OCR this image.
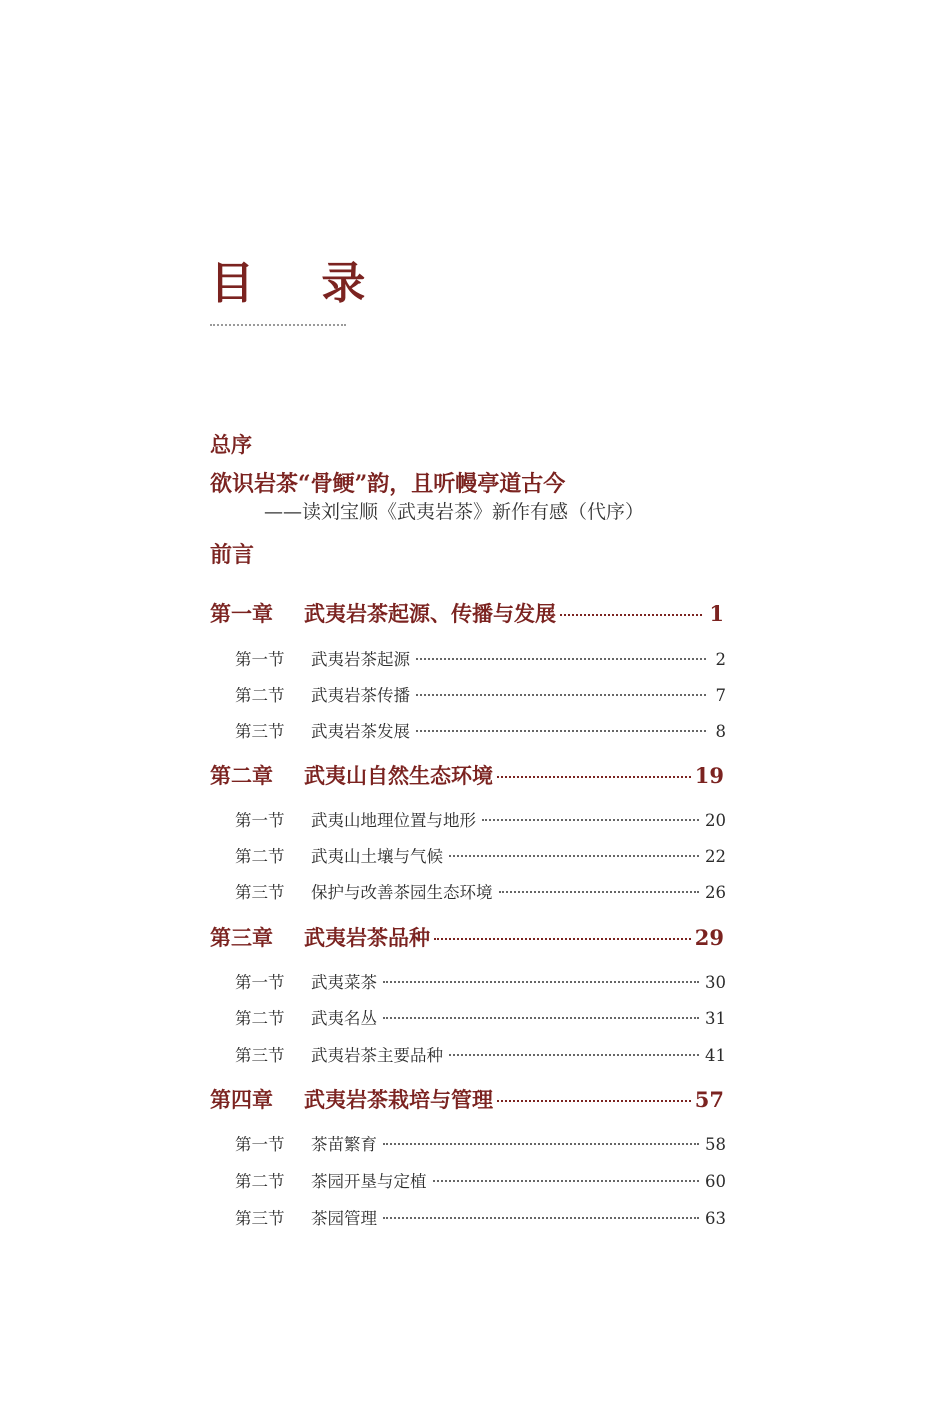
目 录
总序
欲识岩茶“骨鲠”韵，且听幔亭道古今
——读刘宝顺《武夷岩茶》新作有感（代序）
前言
第一章	武夷岩茶起源、传播与发展	1
第一节	武夷岩茶起源	2
第二节	武夷岩茶传播	7
第三节	武夷岩茶发展	8
第二章	武夷山自然生态环境	19
第一节	武夷山地理位置与地形	20
第二节	武夷山土壤与气候	22
第三节	保护与改善茶园生态环境	26
第三章	武夷岩茶品种	29
第一节	武夷菜茶	30
第二节	武夷名丛	31
第三节	武夷岩茶主要品种	41
第四章	武夷岩茶栽培与管理	57
第一节	茶苗繁育	58
第二节	茶园开垦与定植	60
第三节	茶园管理	63
